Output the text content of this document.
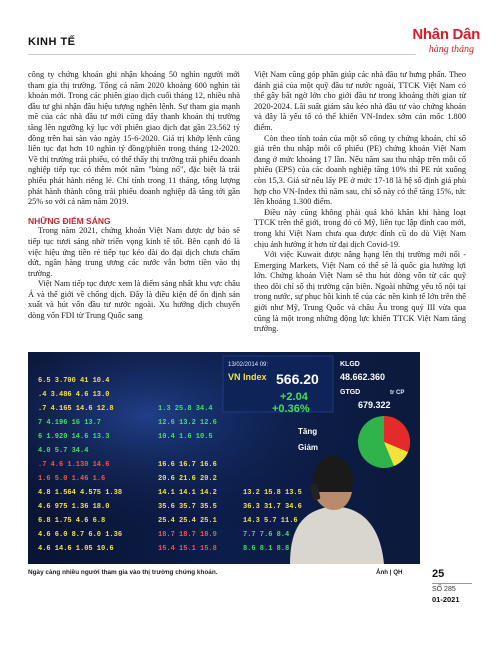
KINH TẾ	Nhân Dân
hàng tháng

công ty chứng khoán ghi nhận khoảng 50 nghìn người mới tham gia thị trường. Tổng cả năm 2020 khoảng 600 nghìn tài khoản mới. Trong các phiên giao dịch cuối tháng 12, nhiều nhà đầu tư ghi nhận đầu hiệu tượng nghẽn lệnh. Sự tham gia mạnh mẽ của các nhà đầu tư mới cũng đẩy thanh khoản thị trường tăng lên ngưỡng kỷ lục với phiên giao dịch đạt gần 23.562 tỷ đồng trên hai sàn vào ngày 15-6-2020. Giá trị khớp lệnh cũng liên tục đạt hơn 10 nghìn tỷ đồng/phiên trong tháng 12-2020. Về thị trường trái phiếu, có thể thấy thị trường trái phiếu doanh nghiệp tiếp tục có thêm một năm "bùng nổ", đặc biệt là trái phiếu phát hành riêng lẻ. Chỉ tính trong 11 tháng, tổng lượng phát hành thành công trái phiếu doanh nghiệp đã tăng tới gần 25% so với cả năm năm 2019.

NHỮNG ĐIỂM SÁNG

Trong năm 2021, chứng khoán Việt Nam được dự báo sẽ tiếp tục tươi sáng nhờ triển vọng kinh tế tốt. Bên cạnh đó là việc hiệu ứng tiền rẻ tiếp tục kéo dài do đại dịch chưa chấm dứt, ngân hàng trung ương các nước vẫn bơm tiền vào thị trường.

Việt Nam tiếp tục được xem là điểm sáng nhất khu vực châu Á và thế giới về chống dịch. Đây là điều kiện để ổn định sản xuất và hút vốn đầu tư nước ngoài. Xu hướng dịch chuyển dòng vốn FDI từ Trung Quốc sang

Việt Nam cũng góp phần giúp các nhà đầu tư hưng phấn. Theo đánh giá của một quỹ đầu tư nước ngoài, TTCK Việt Nam có thể gây bất ngờ lớn cho giới đầu tư trong khoảng thời gian từ 2020-2024. Lãi suất giảm sâu kéo nhà đầu tư vào chứng khoán và đây là yếu tố có thể khiến VN-Index sớm cán mốc 1.800 điểm.

Còn theo tính toán của một số công ty chứng khoán, chỉ số giá trên thu nhập mỗi cổ phiếu (PE) chứng khoán Việt Nam đang ở mức khoảng 17 lần. Nếu năm sau thu nhập trên mỗi cổ phiếu (EPS) của các doanh nghiệp tăng 10% thì PE rút xuống còn 15,3. Giả sử nếu lấy PE ở mức 17-18 là hệ số định giá phù hợp cho VN-Index thì năm sau, chỉ số này có thể tăng 15%, tức lên khoảng 1.300 điểm.

Điều này cũng không phải quá khó khăn khi hàng loạt TTCK trên thế giới, trong đó có Mỹ, liên tục lập đỉnh cao mới, trong khi Việt Nam chưa qua được đỉnh cũ do dù Việt Nam chịu ảnh hưởng ít hơn từ đại dịch Covid-19.

Với việc Kuwait được nâng hạng lên thị trường mới nổi - Emerging Markets, Việt Nam có thể sẽ là quốc gia hưởng lợi lớn. Chứng khoán Việt Nam sẽ thu hút dòng vốn từ các quỹ theo dõi chỉ số thị trường cận biên. Ngoài những yếu tố nội tại trong nước, sự phục hồi kinh tế của các nền kinh tế lớn trên thế giới như Mỹ, Trung Quốc và châu Âu trong quý III vừa qua cũng là một trong những động lực khiến TTCK Việt Nam tăng trưởng.

6.5 3.700 41 10.4
.4 3.486 4.6 13.0
.7 4.165 14.6 12.8
7 4.196 16 13.7
6 1.920 14.6 13.3
4.0 5.7 34.4
.7 4.6 1.130 14.6
1.6 5.0 1.46 1.6
4.8 1.564 4.575 1.38
4.6 975 1.36 18.0
6.8 1.75 4.6 6.8
4.6 6.0 8.7 6.0 1.36
4.6 14.6 1.05 10.6
1.3 25.8 34.4
12.6 13.2 12.6
10.4 1.6 10.5
16.6 16.7 16.6
20.6 21.6 20.2
14.1 14.1 14.2
35.6 35.7 35.5
25.4 25.4 25.1
18.7 18.7 18.9
15.4 15.1 15.8
13/02/2014 09:
VN Index 566.20
+2.04
+0.36%
KLGD
48.662.360
GTGD
679.322
tr CP
Tăng
Giảm
13.2 15.8 13.5
36.3 31.7 34.6
14.3 5.7 11.6
7.7 7.6 8.4
8.6 8.1 8.8
Ngày càng nhiều người tham gia vào thị trường chứng khoán.	Ảnh | QH	25
SỐ 285
01-2021
